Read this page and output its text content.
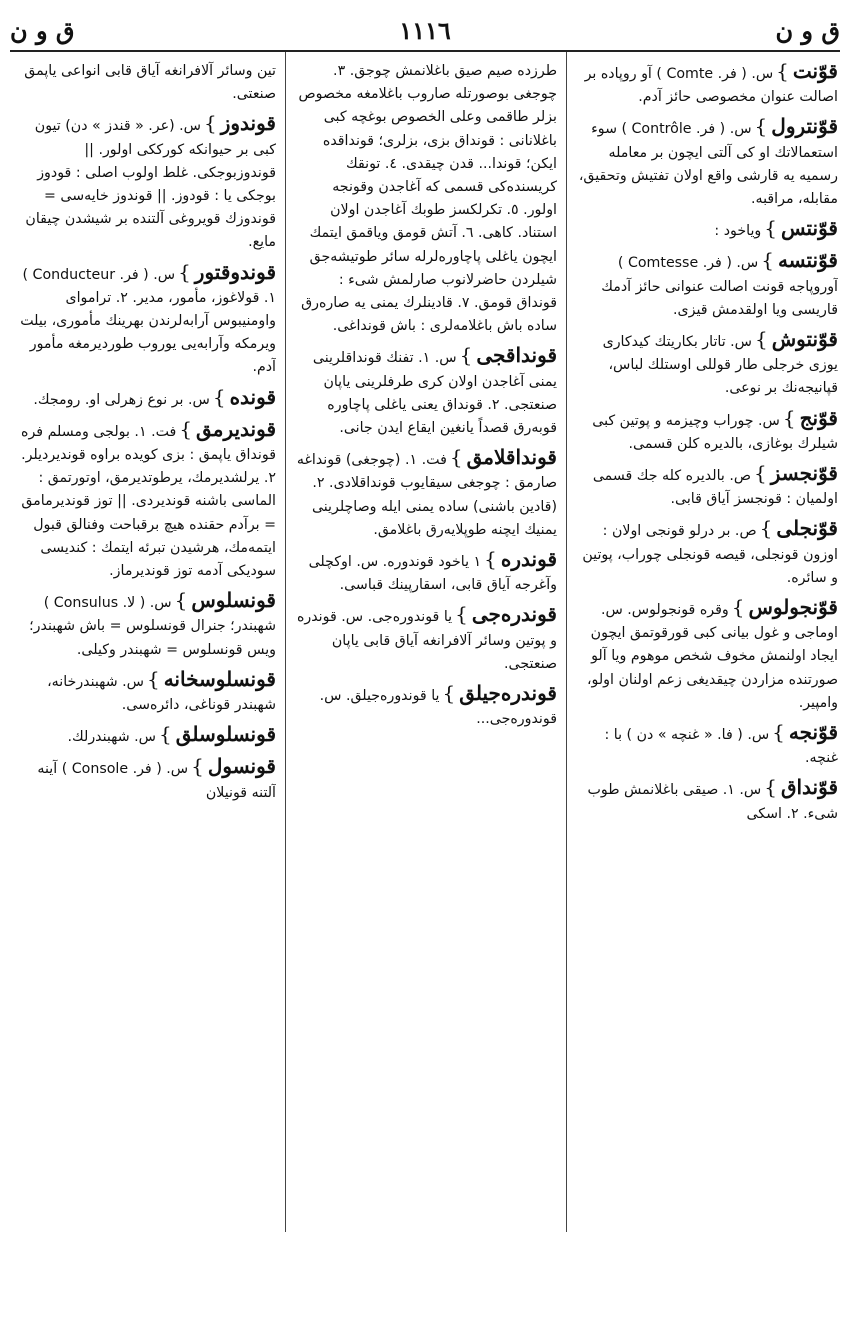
ق و ن	١١١٦	ق و ن
قوّنت}س. ( فر. Comte ) آو روپاده بر اصالت عنوان مخصوصی حائز آدم.
قوّنترول}س. ( فر. Contrôle ) سوء استعمالاتك او كی آلتی ایچون بر معامله رسمیه یه قارشی واقع اولان تفتیش وتحقیق، مقابله، مراقبه.
قوّنتس}وياخود :
قوّنتسه}س. ( فر. Comtesse ) آوروپاجه قونت اصالت عنوانی حائز آدمك قاریسی ویا اولقدمش قیزی.
قوّنتوش}س. تاتار بكاریتك كیدكاری یوزی خرجلی طار قوللی اوستلك لباس، قپانیجه‌نك بر نوعی.
قوّنج}س. چوراب وچیزمه و پوتین كبی شیلرك بوغازی، بالدیره كلن قسمی.
قوّنجسز}ص. بالدیره كله جك قسمی اولمیان : قونجسز آیاق قابی.
قوّنجلی}ص. بر درلو قونجی اولان : اوزون قونجلی، قیصه قونجلی چوراب، پوتین و سائره.
قوّنجولوس}وقره قونجولوس. س. اوماجی و غول بیانی كبی قورقوتمق ایچون ایجاد اولنمش مخوف شخص موهوم ویا آلو صورتنده مزاردن چیقدیغی زعم اولنان اولو، وامپیر.
قوّنجه}س. ( فا. « غنچه » دن ) با : غنچه.
قوّنداق}س. ١. صیقی باغلانمش طوب شیء. ٢. اسكی
طرزده صیم صیق باغلانمش چوجق. ٣. چوجغی بوصورتله صاروب باغلامغه مخصوص بزلر طاقمی وعلی الخصوص بوغچه كبی باغلانانی : قونداق بزی، بزلری؛ قونداقده ایكن؛ قوندا... قدن چیقدی. ٤. تونقك كریسنده‌كی قسمی كه آغاجدن وقونجه اولور. ٥. تكرلكسز طوبك آغاجدن اولان استناد. كاهی. ٦. آتش قومق ویاقمق ایتمك ایچون یاغلی پاچاوره‌لرله سائر طوتیشه‌جق شیلردن حاضرلانوب صارلمش شیء : قونداق قومق. ٧. قادینلرك یمنی یه صاره‌رق ساده باش باغلامه‌لری : باش قونداغی.
قونداقجی}س. ١. تفنك قونداقلرینی یمنی آغاجدن اولان كری طرفلرینی یاپان صنعتجی. ٢. قونداق یعنی یاغلی پاچاوره قوبه‌رق قصداً یانغین ایقاع ایدن جانی.
قونداقلامق}فت. ١. (چوجغی) قونداغه صارمق : چوجغی سیقایوب قونداقلادی. ٢. (قادین باشنی) ساده یمنی ایله وصاچلرینی یمنیك ایچنه طوپلایه‌رق باغلامق.
قوندره}١ یاخود قوندوره. س. اوكچلی وآغرجه آیاق قابی، اسقارپینك قباسی.
قوندره‌جی}یا قوندوره‌جی. س. قوندره و پوتین وسائر آلافرانغه آیاق قابی یاپان صنعتجی.
قوندره‌جیلق}یا قوندوره‌جیلق. س. قوندوره‌جی...
تین وسائر آلافرانغه آیاق قابی انواعی یاپمق صنعتی.
قوندوز}س. (عر. « قندز » دن) تیون كبی بر حیوانكه كورككی اولور. || قوندوزبوجكی. غلط اولوب اصلی : قودوز بوجكی یا : قودوز. || قوندوز خایه‌سی = قوندوزك قویروغی آلتنده بر شیشدن چیقان مایع.
قوندوقتور}س. ( فر. Conducteur ) ١. قولاغوز، مأمور، مدیر. ٢. ترامواى واومنیبوس آرابه‌لرندن بهرینك مأموری، بیلت ویرمكه وآرابه‌یی یوروب طوردیرمغه مأمور آدم.
قونده}س. بر نوع زهرلی او. رومجك.
قوندیرمق}فت. ١. بولجی ومسلم فره قونداق یاپمق : بزی كویده براوه قوندیردیلر. ٢. یرلشدیرمك، یرطوتدیرمق، اوتورتمق : الماسی باشنه قوندیردی. || توز قوندیرمامق = برآدم حقنده هیچ برقباحت وفنالق قبول ایتمه‌مك، هرشیدن تبرئه ایتمك : كندیسی سودیكی آدمه توز قوندیرماز.
قونسلوس}س. ( لا. Consulus ) شهبندر؛ جنرال قونسلوس = باش شهبندر؛ ویس قونسلوس = شهبندر وكیلی.
قونسلوسخانه}س. شهبندرخانه، شهبندر قوناغی، دائره‌سی.
قونسلوسلق}س. شهبندرلك.
قونسول}س. ( فر. Console ) آینه آلتنه قونیلان
